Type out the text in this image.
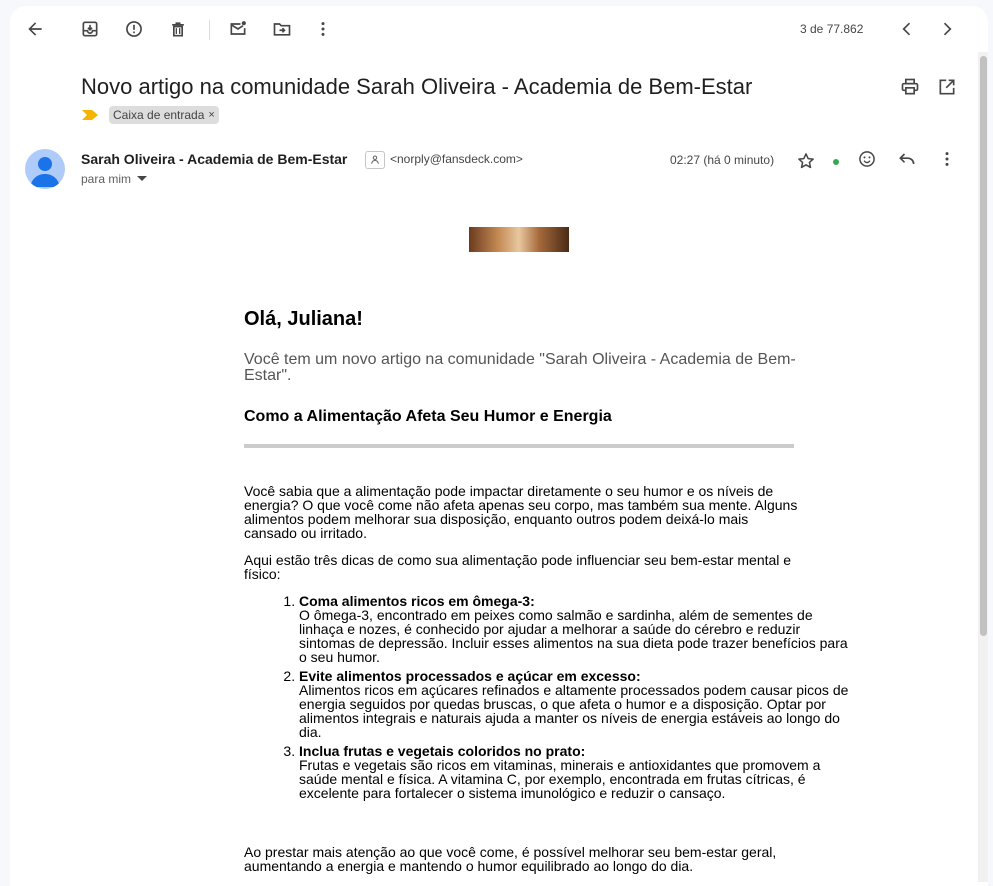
3 de 77.862
Novo artigo na comunidade Sarah Oliveira - Academia de Bem-Estar
Caixa de entrada ×
Sarah Oliveira - Academia de Bem-Estar	<norply@fansdeck.com>
para mim
02:27 (há 0 minuto)
Olá, Juliana!
Você tem um novo artigo na comunidade "Sarah Oliveira - Academia de Bem-Estar".
Como a Alimentação Afeta Seu Humor e Energia

Você sabia que a alimentação pode impactar diretamente o seu humor e os níveis de energia? O que você come não afeta apenas seu corpo, mas também sua mente. Alguns alimentos podem melhorar sua disposição, enquanto outros podem deixá-lo mais cansado ou irritado.

Aqui estão três dicas de como sua alimentação pode influenciar seu bem-estar mental e físico:

1. Coma alimentos ricos em ômega-3:
O ômega-3, encontrado em peixes como salmão e sardinha, além de sementes de linhaça e nozes, é conhecido por ajudar a melhorar a saúde do cérebro e reduzir sintomas de depressão. Incluir esses alimentos na sua dieta pode trazer benefícios para o seu humor.
2. Evite alimentos processados e açúcar em excesso:
Alimentos ricos em açúcares refinados e altamente processados podem causar picos de energia seguidos por quedas bruscas, o que afeta o humor e a disposição. Optar por alimentos integrais e naturais ajuda a manter os níveis de energia estáveis ao longo do dia.
3. Inclua frutas e vegetais coloridos no prato:
Frutas e vegetais são ricos em vitaminas, minerais e antioxidantes que promovem a saúde mental e física. A vitamina C, por exemplo, encontrada em frutas cítricas, é excelente para fortalecer o sistema imunológico e reduzir o cansaço.

Ao prestar mais atenção ao que você come, é possível melhorar seu bem-estar geral, aumentando a energia e mantendo o humor equilibrado ao longo do dia.
